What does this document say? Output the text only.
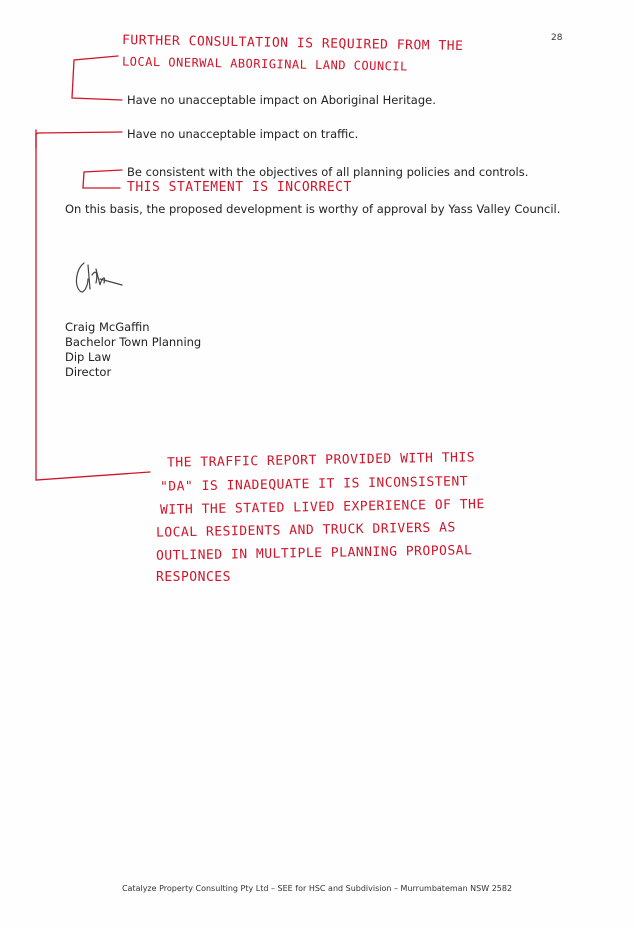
28
FURTHER CONSULTATION IS REQUIRED FROM THE
LOCAL ONERWAL ABORIGINAL LAND COUNCIL
Have no unacceptable impact on Aboriginal Heritage.
Have no unacceptable impact on traffic.
Be consistent with the objectives of all planning policies and controls.
THIS STATEMENT IS INCORRECT
On this basis, the proposed development is worthy of approval by Yass Valley Council.
Craig McGaffin
Bachelor Town Planning
Dip Law
Director
THE TRAFFIC REPORT PROVIDED WITH THIS
"DA" IS INADEQUATE IT IS INCONSISTENT
WITH THE STATED LIVED EXPERIENCE OF THE
LOCAL RESIDENTS AND TRUCK DRIVERS AS
OUTLINED IN MULTIPLE PLANNING PROPOSAL
RESPONCES
Catalyze Property Consulting Pty Ltd – SEE for HSC and Subdivision – Murrumbateman NSW 2582
